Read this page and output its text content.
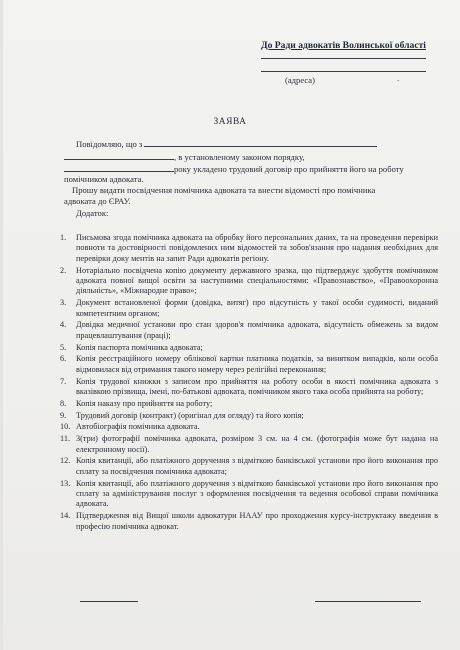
До Ради адвокатів Волинської області
(адреса)	ˇ
ЗАЯВА
Повідомляю, що з
, в установленому законом порядку,
року укладено трудовий договір про прийняття його на роботу
помічником адвоката.
Прошу видати посвідчення помічника адвоката та внести відомості про помічника
адвоката до ЄРАУ.
Додаток:
1. Письмова згода помічника адвоката на обробку його персональних даних, та на проведення перевірки повноти та достовірності повідомлених ним відомостей та зобов'язання про надання необхідних для перевірки доку ментів на запит Ради адвокатів регіону.
2. Нотаріально посвідчена копію документу державного зразка, що підтверджує здобуття помічником адвоката повної вищої освіти за наступними спеціальностями: «Правознавство», «Правоохоронна діяльність», «Міжнародне право»;
3. Документ встановленої форми (довідка, витяг) про відсутність у такої особи судимості, виданий компетентним органом;
4. Довідка медичної установи про стан здоров'я помічника адвоката, відсутність обмежень за видом працевлаштування (праці);
5. Копія паспорта помічника адвоката;
6. Копія реєстраційного номеру облікової картки платника податків, за винятком випадків, коли особа відмовилася від отримання такого номеру через релігійні переконання;
7. Копія трудової книжки з записом про прийняття на роботу особи в якості помічника адвоката з вказівкою прізвища, імені, по-батькові адвоката, помічником якого така особа прийнята на роботу;
8. Копія наказу про прийняття на роботу;
9. Трудовий договір (контракт) (оригінал для огляду) та його копія;
10. Автобіографія помічника адвоката.
11. 3(три) фотографії помічника адвоката, розміром 3 см. на 4 см. (фотографія може бут надана на електронному носії).
12. Копія квитанції, або платіжного доручення з відміткою банківської установи про його виконання про сплату за посвідчення помічника адвоката;
13. Копія квитанції, або платіжного доручення з відміткою банківської установи про його виконання про сплату за адміністрування послуг з оформлення посвідчення та ведення особової справи помічника адвоката.
14. Підтвердження від Вищої школи адвокатури НААУ про проходження курсу-інструктажу введення в професію помічника адвокат.
